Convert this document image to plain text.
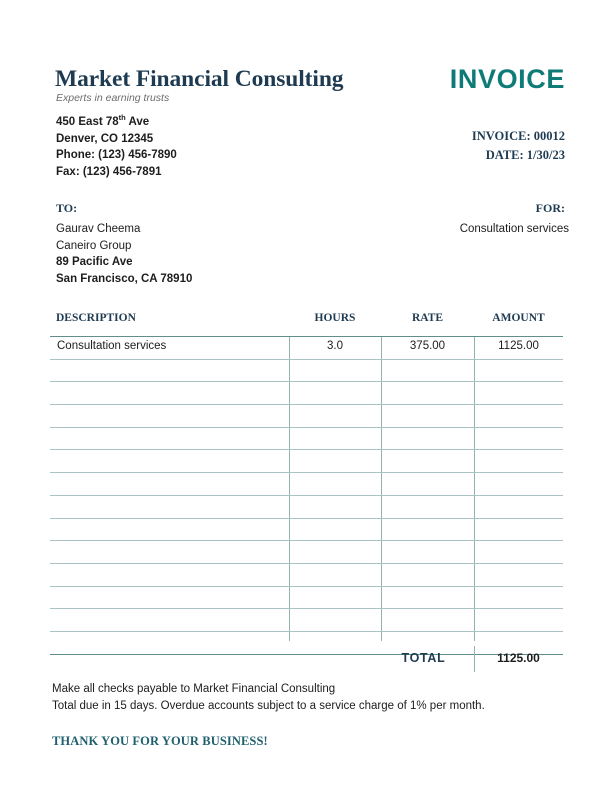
Market Financial Consulting
Experts in earning trusts
450 East 78th Ave
Denver, CO 12345
Phone: (123) 456-7890
Fax: (123) 456-7891
INVOICE
INVOICE: 00012
DATE: 1/30/23
TO:
Gaurav Cheema
Caneiro Group
89 Pacific Ave
San Francisco, CA 78910
FOR:
Consultation services
DESCRIPTION	HOURS	RATE	AMOUNT
Consultation services	3.0	375.00	1125.00
TOTAL	1125.00
Make all checks payable to Market Financial Consulting
Total due in 15 days. Overdue accounts subject to a service charge of 1% per month.
THANK YOU FOR YOUR BUSINESS!
